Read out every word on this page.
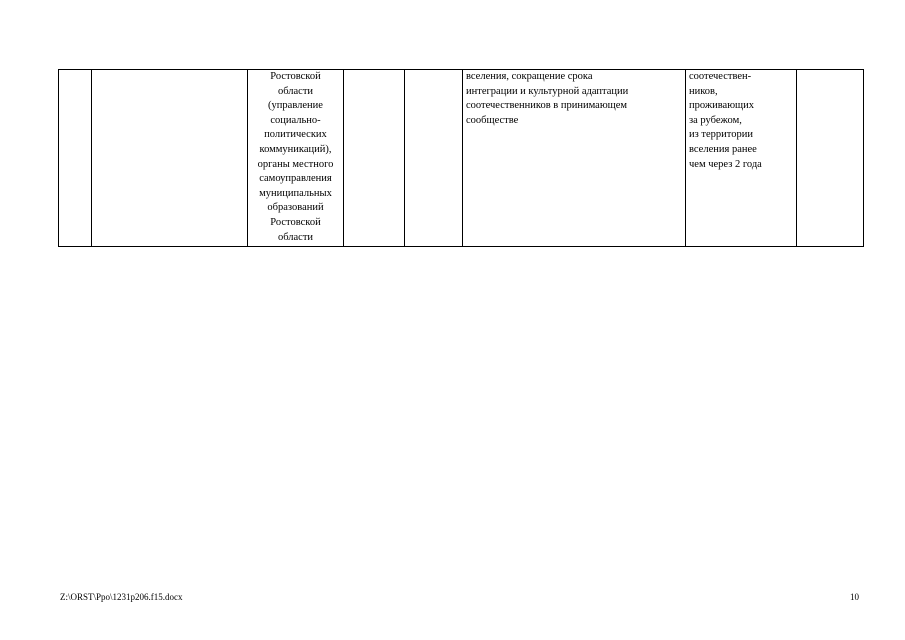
Ростовской
области
(управление
социально-
политических
коммуникаций),
органы местного
самоуправления
муниципальных
образований
Ростовской
области

вселения, сокращение срока
интеграции и культурной адаптации
соотечественников в принимающем
сообществе

соотечествен-
ников,
проживающих
за рубежом,
из территории
вселения ранее
чем через 2 года

Z:\ORST\Ppo\1231p206.f15.docx	10
